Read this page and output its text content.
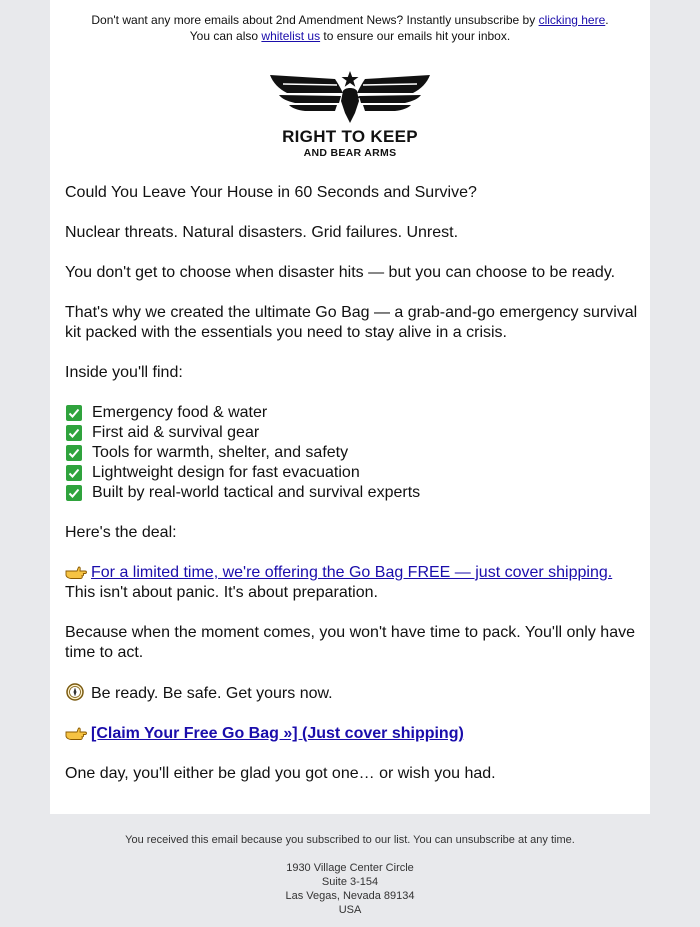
Don't want any more emails about 2nd Amendment News? Instantly unsubscribe by clicking here.
You can also whitelist us to ensure our emails hit your inbox.
RIGHT TO KEEP
AND BEAR ARMS

Could You Leave Your House in 60 Seconds and Survive?

Nuclear threats. Natural disasters. Grid failures. Unrest.

You don't get to choose when disaster hits — but you can choose to be ready.

That's why we created the ultimate Go Bag — a grab-and-go emergency survival kit packed with the essentials you need to stay alive in a crisis.

Inside you'll find:

Emergency food & water
First aid & survival gear
Tools for warmth, shelter, and safety
Lightweight design for fast evacuation
Built by real-world tactical and survival experts

Here's the deal:

For a limited time, we're offering the Go Bag FREE — just cover shipping.
This isn't about panic. It's about preparation.

Because when the moment comes, you won't have time to pack. You'll only have time to act.

Be ready. Be safe. Get yours now.

[Claim Your Free Go Bag »] (Just cover shipping)

One day, you'll either be glad you got one… or wish you had.

You received this email because you subscribed to our list. You can unsubscribe at any time.
1930 Village Center Circle
Suite 3-154
Las Vegas, Nevada 89134
USA
